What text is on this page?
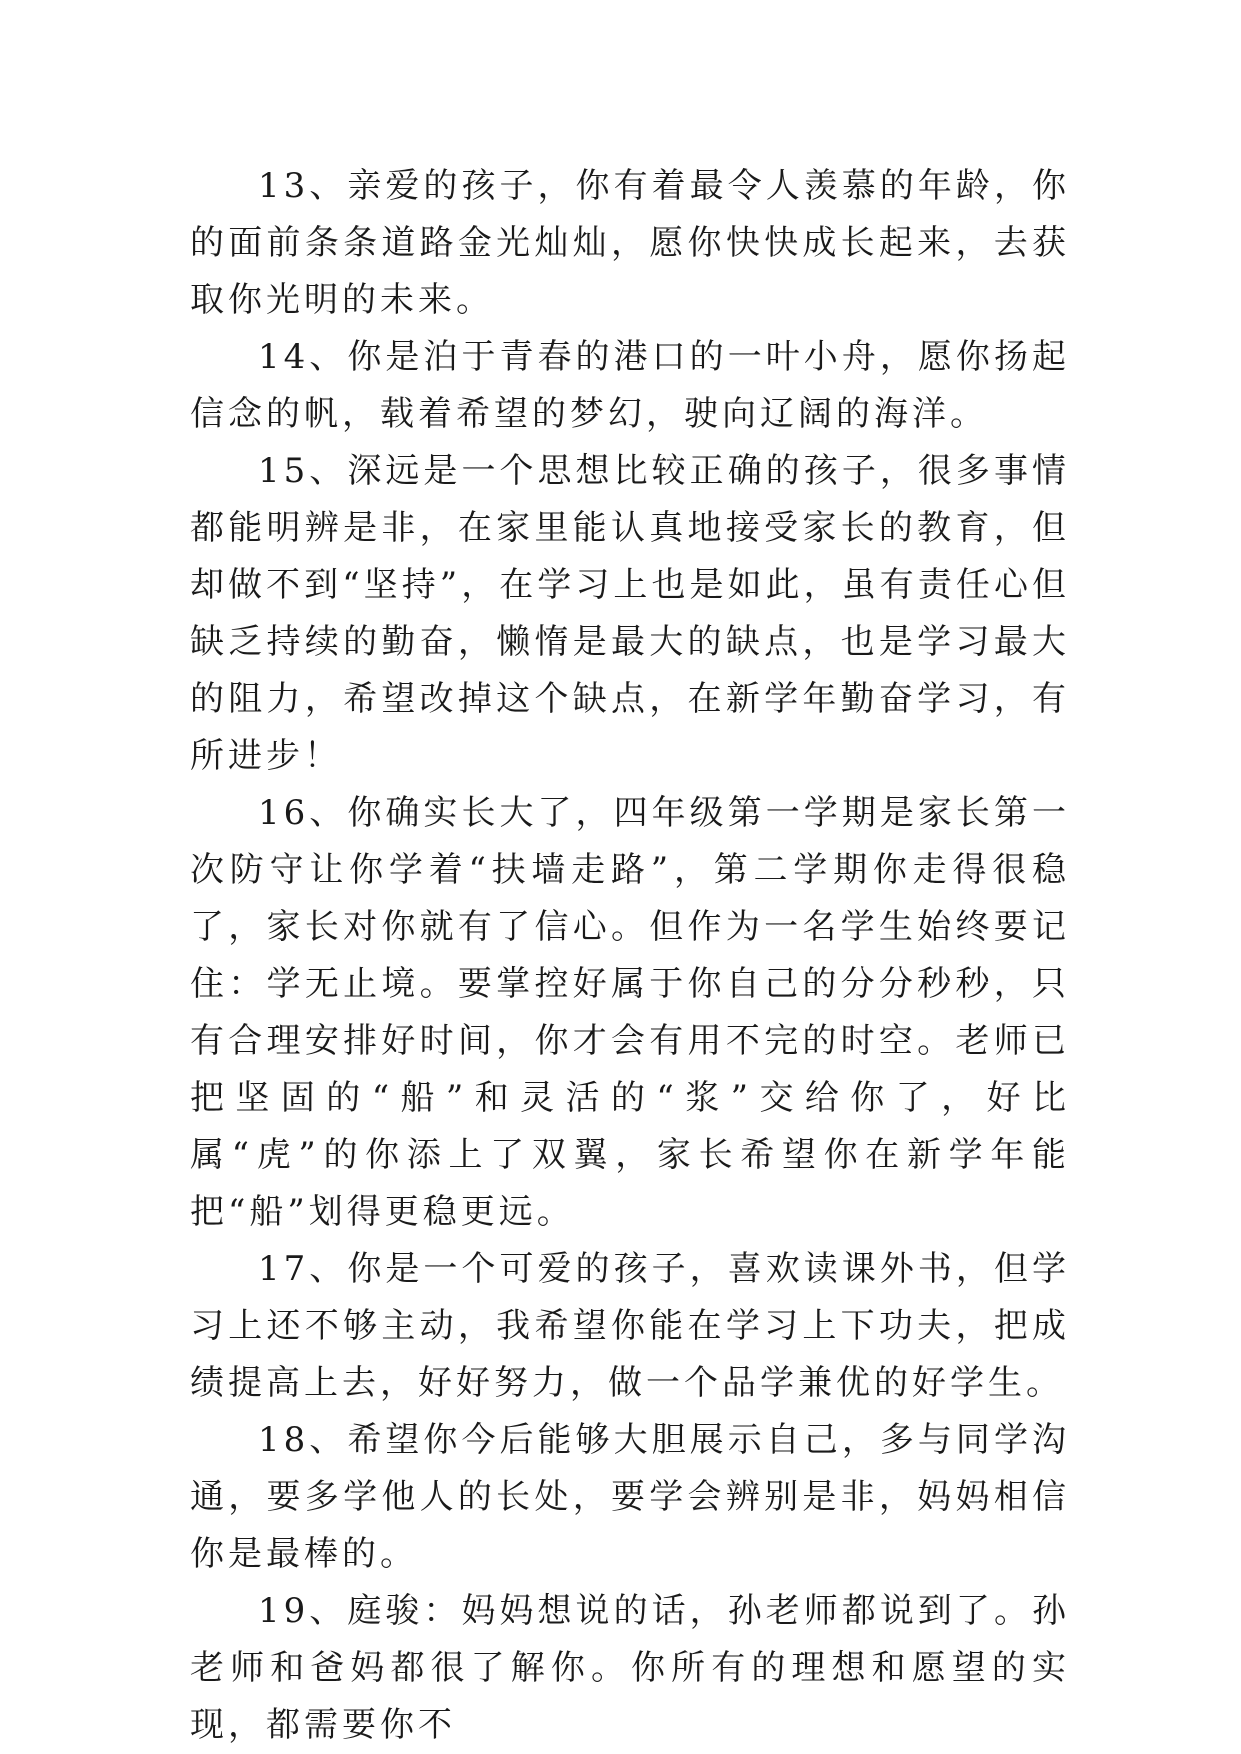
13、亲爱的孩子，你有着最令人羡慕的年龄，你的面前条条道路金光灿灿，愿你快快成长起来，去获取你光明的未来。

14、你是泊于青春的港口的一叶小舟，愿你扬起信念的帆，载着希望的梦幻，驶向辽阔的海洋。

15、深远是一个思想比较正确的孩子，很多事情都能明辨是非，在家里能认真地接受家长的教育，但却做不到“坚持”，在学习上也是如此，虽有责任心但缺乏持续的勤奋，懒惰是最大的缺点，也是学习最大的阻力，希望改掉这个缺点，在新学年勤奋学习，有所进步！

16、你确实长大了，四年级第一学期是家长第一次防守让你学着“扶墙走路”，第二学期你走得很稳了，家长对你就有了信心。但作为一名学生始终要记住：学无止境。要掌控好属于你自己的分分秒秒，只有合理安排好时间，你才会有用不完的时空。老师已把坚固的“船”和灵活的“浆”交给你了，好比属“虎”的你添上了双翼，家长希望你在新学年能把“船”划得更稳更远。

17、你是一个可爱的孩子，喜欢读课外书，但学习上还不够主动，我希望你能在学习上下功夫，把成绩提高上去，好好努力，做一个品学兼优的好学生。

18、希望你今后能够大胆展示自己，多与同学沟通，要多学他人的长处，要学会辨别是非，妈妈相信你是最棒的。

19、庭骏：妈妈想说的话，孙老师都说到了。孙老师和爸妈都很了解你。你所有的理想和愿望的实现，都需要你不
